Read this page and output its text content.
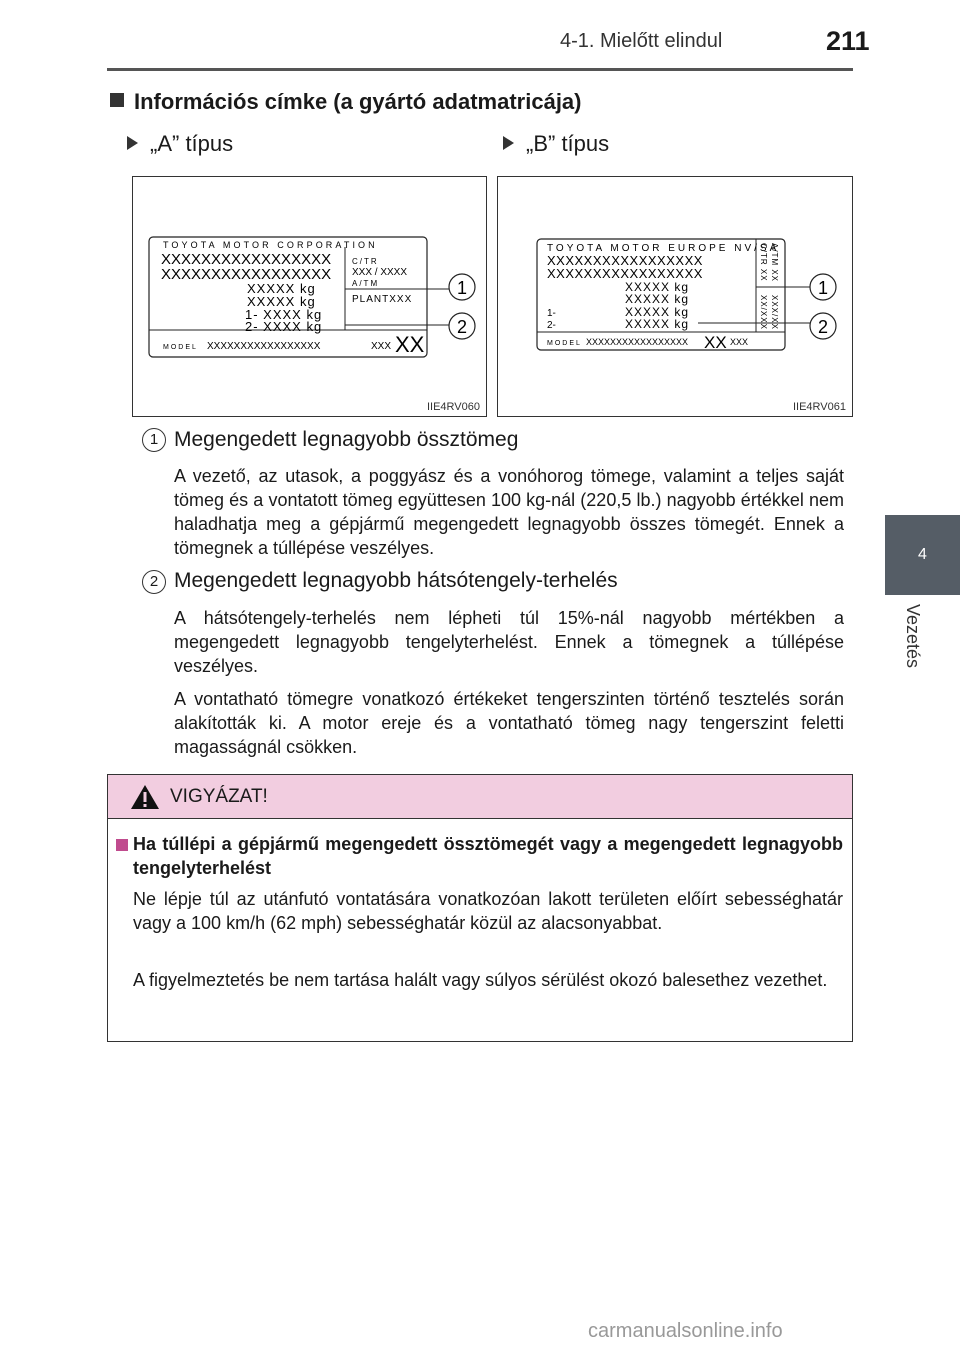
4-1. Mielőtt elindul	211
4
Vezetés
Információs címke (a gyártó adatmatricája)
„A” típus	„B” típus
TOYOTA MOTOR CORPORATION
XXXXXXXXXXXXXXXXX
XXXXXXXXXXXXXXXXX
XXXXX kg
XXXXX kg
1- XXXX kg
2- XXXX kg
C/TR
XXX / XXXX
A/TM
PLANTXXX
MODEL XXXXXXXXXXXXXXXXX	XXX XX
1
2
IIE4RV060
TOYOTA MOTOR EUROPE NV/SA
XXXXXXXXXXXXXXXXX
XXXXXXXXXXXXXXXXX
XXXXX kg
XXXXX kg
1-	XXXXX kg
2-	XXXXX kg
MODEL XXXXXXXXXXXXXXXXX XX XXX
C/TR XX A/TM XX
XX/XXX XXX/XX
1
2
IIE4RV061
1 Megengedett legnagyobb össztömeg
A vezető, az utasok, a poggyász és a vonóhorog tömege, valamint a teljes saját tömeg és a vontatott tömeg együttesen 100 kg-nál (220,5 lb.) nagyobb értékkel nem haladhatja meg a gépjármű megengedett legnagyobb összes tömegét. Ennek a tömegnek a túllépése veszélyes.
2 Megengedett legnagyobb hátsótengely-terhelés
A hátsótengely-terhelés nem lépheti túl 15%-nál nagyobb mértékben a megengedett legnagyobb tengelyterhelést. Ennek a tömegnek a túllépése veszélyes.
A vontatható tömegre vonatkozó értékeket tengerszinten történő tesztelés során alakították ki. A motor ereje és a vontatható tömeg nagy tengerszint feletti magasságnál csökken.
VIGYÁZAT!
Ha túllépi a gépjármű megengedett össztömegét vagy a megengedett legnagyobb tengelyterhelést
Ne lépje túl az utánfutó vontatására vonatkozóan lakott területen előírt sebességhatár vagy a 100 km/h (62 mph) sebességhatár közül az alacsonyabbat.
A figyelmeztetés be nem tartása halált vagy súlyos sérülést okozó balesethez vezethet.
carmanualsonline.info
